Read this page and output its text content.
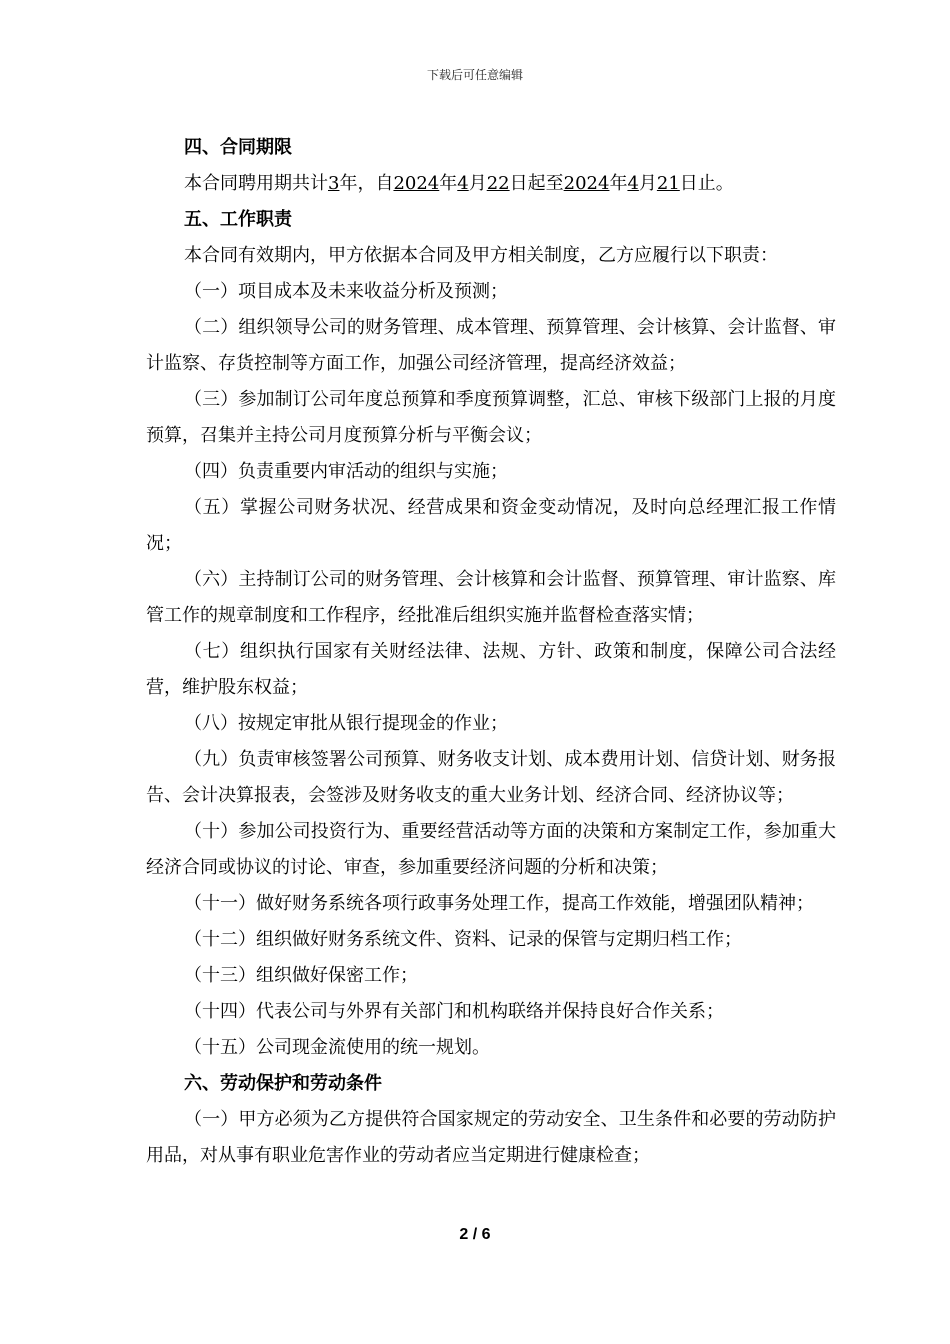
下载后可任意编辑

四、合同期限

本合同聘用期共计3年，自2024年4月22日起至2024年4月21日止。

五、工作职责

本合同有效期内，甲方依据本合同及甲方相关制度，乙方应履行以下职责：

（一）项目成本及未来收益分析及预测；

（二）组织领导公司的财务管理、成本管理、预算管理、会计核算、会计监督、审计监察、存货控制等方面工作，加强公司经济管理，提高经济效益；

（三）参加制订公司年度总预算和季度预算调整，汇总、审核下级部门上报的月度预算，召集并主持公司月度预算分析与平衡会议；

（四）负责重要内审活动的组织与实施；

（五）掌握公司财务状况、经营成果和资金变动情况，及时向总经理汇报工作情况；

（六）主持制订公司的财务管理、会计核算和会计监督、预算管理、审计监察、库管工作的规章制度和工作程序，经批准后组织实施并监督检查落实情；

（七）组织执行国家有关财经法律、法规、方针、政策和制度，保障公司合法经营，维护股东权益；

（八）按规定审批从银行提现金的作业；

（九）负责审核签署公司预算、财务收支计划、成本费用计划、信贷计划、财务报告、会计决算报表，会签涉及财务收支的重大业务计划、经济合同、经济协议等；

（十）参加公司投资行为、重要经营活动等方面的决策和方案制定工作，参加重大经济合同或协议的讨论、审查，参加重要经济问题的分析和决策；

（十一）做好财务系统各项行政事务处理工作，提高工作效能，增强团队精神；

（十二）组织做好财务系统文件、资料、记录的保管与定期归档工作；

（十三）组织做好保密工作；

（十四）代表公司与外界有关部门和机构联络并保持良好合作关系；

（十五）公司现金流使用的统一规划。

六、劳动保护和劳动条件

（一）甲方必须为乙方提供符合国家规定的劳动安全、卫生条件和必要的劳动防护用品，对从事有职业危害作业的劳动者应当定期进行健康检查；

2 / 6
